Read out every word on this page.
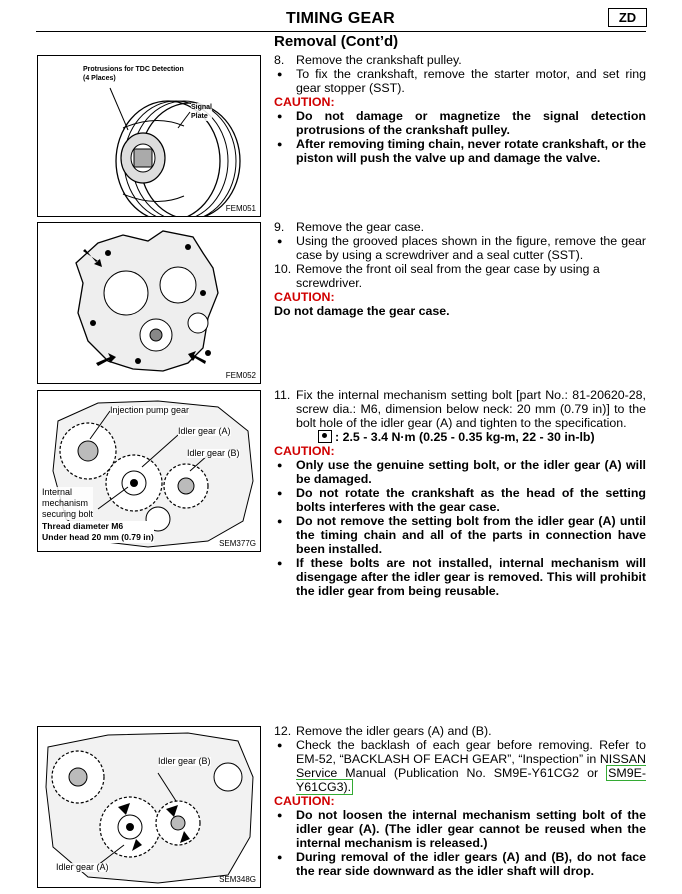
TIMING GEAR	ZD
Removal (Cont’d)
Protrusions for TDC Detection
(4 Places)
Signal
Plate
FEM051
FEM052
Injection pump gear
Idler gear (A)
Idler gear (B)
Internal
mechanism
securing bolt
Thread diameter M6
Under head 20 mm (0.79 in)
SEM377G
Idler gear (B)
Idler gear (A)
SEM348G
8. Remove the crankshaft pulley.
● To fix the crankshaft, remove the starter motor, and set ring gear stopper (SST).
CAUTION:
● Do not damage or magnetize the signal detection protrusions of the crankshaft pulley.
● After removing timing chain, never rotate crankshaft, or the piston will push the valve up and damage the valve.
9. Remove the gear case.
● Using the grooved places shown in the figure, remove the gear case by using a screwdriver and a seal cutter (SST).
10. Remove the front oil seal from the gear case by using a screwdriver.
CAUTION:
Do not damage the gear case.
11. Fix the internal mechanism setting bolt [part No.: 81-20620-28, screw dia.: M6, dimension below neck: 20 mm (0.79 in)] to the bolt hole of the idler gear (A) and tighten to the specification.
: 2.5 - 3.4 N·m (0.25 - 0.35 kg-m, 22 - 30 in-lb)
CAUTION:
● Only use the genuine setting bolt, or the idler gear (A) will be damaged.
● Do not rotate the crankshaft as the head of the setting bolts interferes with the gear case.
● Do not remove the setting bolt from the idler gear (A) until the timing chain and all of the parts in connection have been installed.
● If these bolts are not installed, internal mechanism will disengage after the idler gear is removed. This will prohibit the idler gear from being reusable.
12. Remove the idler gears (A) and (B).
● Check the backlash of each gear before removing. Refer to EM-52, “BACKLASH OF EACH GEAR”, “Inspection” in NISSAN Service Manual (Publication No. SM9E-Y61CG2 or SM9E-Y61CG3).
CAUTION:
● Do not loosen the internal mechanism setting bolt of the idler gear (A). (The idler gear cannot be reused when the internal mechanism is released.)
● During removal of the idler gears (A) and (B), do not face the rear side downward as the idler shaft will drop.
